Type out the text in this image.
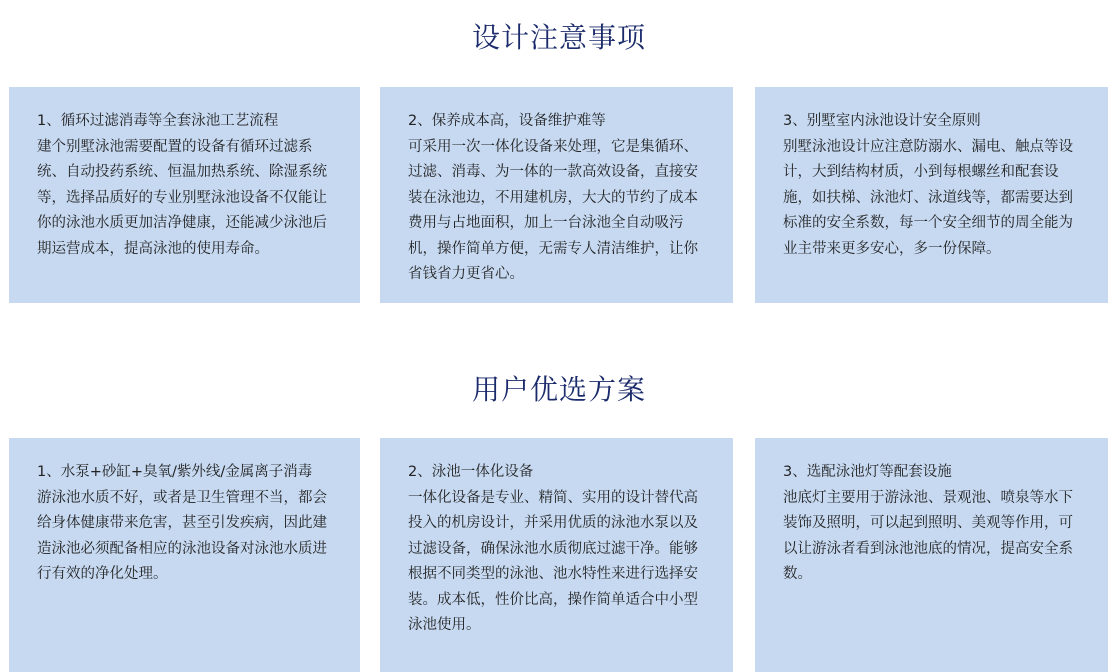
设计注意事项
1、循环过滤消毒等全套泳池工艺流程
建个别墅泳池需要配置的设备有循环过滤系统、自动投药系统、恒温加热系统、除湿系统等，选择品质好的专业别墅泳池设备不仅能让你的泳池水质更加洁净健康，还能减少泳池后期运营成本，提高泳池的使用寿命。
2、保养成本高，设备维护难等
可采用一次一体化设备来处理，它是集循环、过滤、消毒、为一体的一款高效设备，直接安装在泳池边，不用建机房，大大的节约了成本费用与占地面积，加上一台泳池全自动吸污机，操作简单方便，无需专人清洁维护，让你省钱省力更省心。
3、别墅室内泳池设计安全原则
别墅泳池设计应注意防溺水、漏电、触点等设计，大到结构材质，小到每根螺丝和配套设施，如扶梯、泳池灯、泳道线等，都需要达到标准的安全系数，每一个安全细节的周全能为业主带来更多安心，多一份保障。
用户优选方案
1、水泵+砂缸+臭氧/紫外线/金属离子消毒
游泳池水质不好，或者是卫生管理不当，都会给身体健康带来危害，甚至引发疾病，因此建造泳池必须配备相应的泳池设备对泳池水质进行有效的净化处理。
2、泳池一体化设备
一体化设备是专业、精简、实用的设计替代高投入的机房设计，并采用优质的泳池水泵以及过滤设备，确保泳池水质彻底过滤干净。能够根据不同类型的泳池、池水特性来进行选择安装。成本低，性价比高，操作简单适合中小型泳池使用。
3、选配泳池灯等配套设施
池底灯主要用于游泳池、景观池、喷泉等水下装饰及照明，可以起到照明、美观等作用，可以让游泳者看到泳池池底的情况，提高安全系数。
